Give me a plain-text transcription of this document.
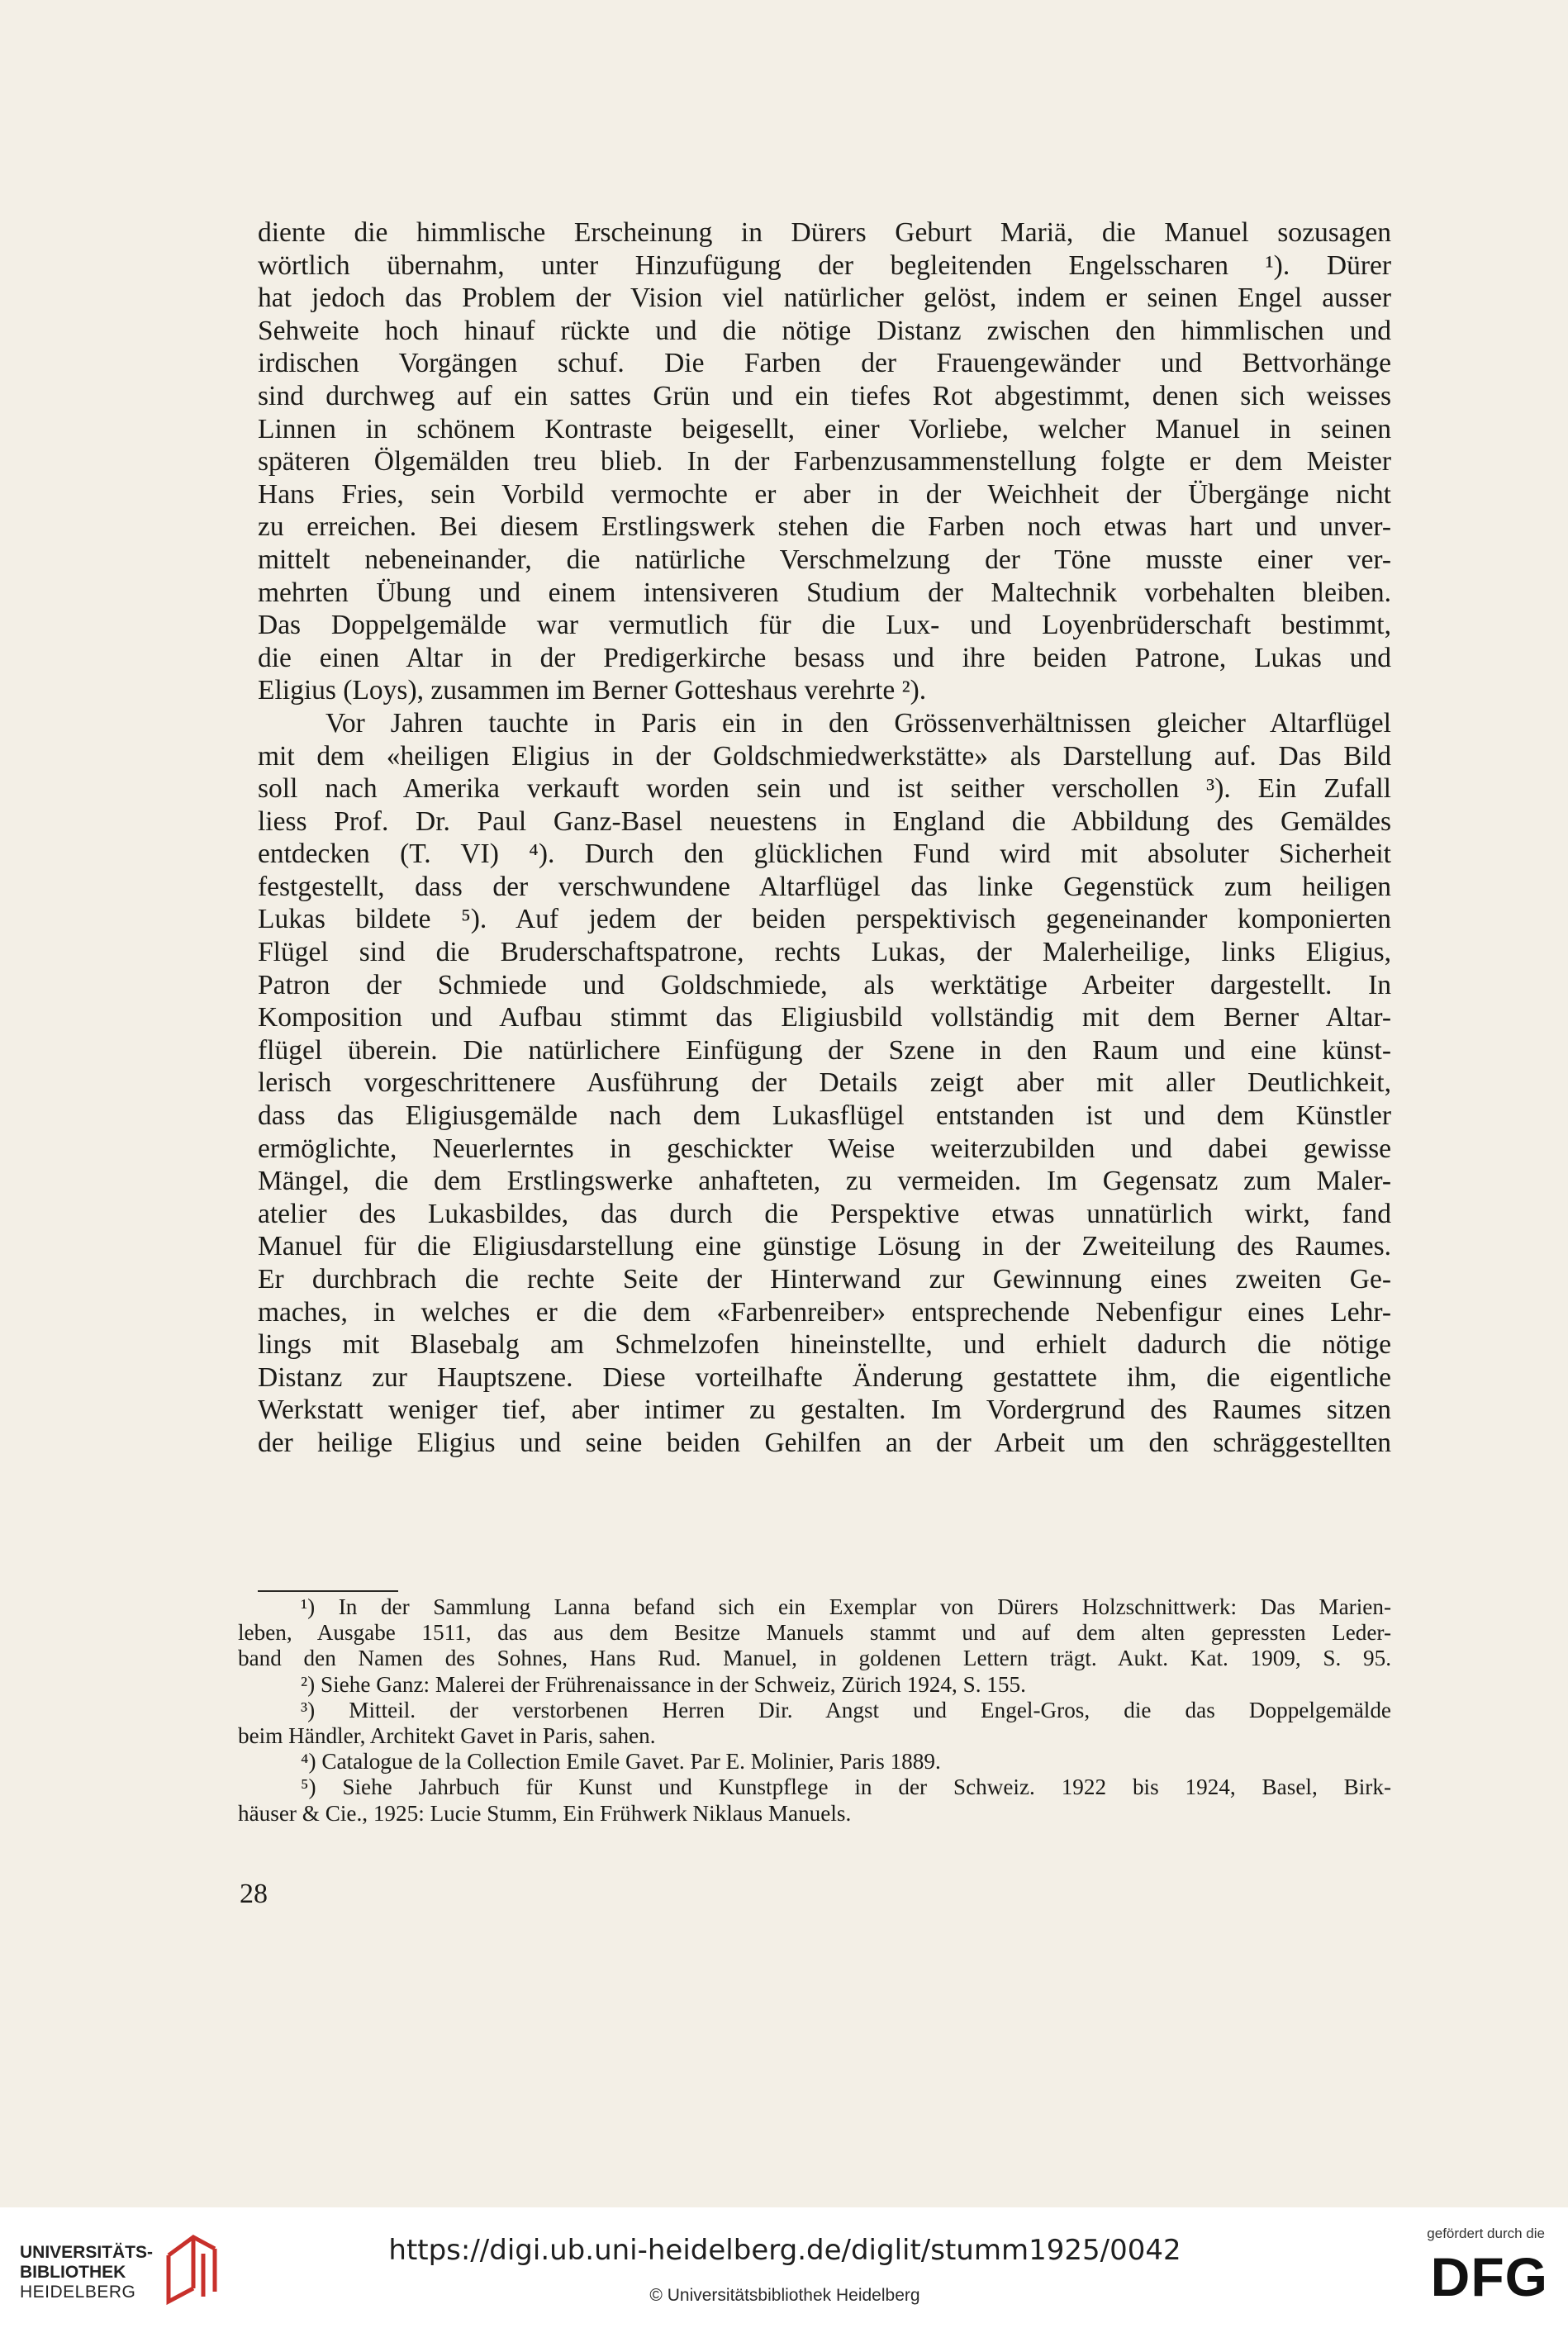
diente die himmlische Erscheinung in Dürers Geburt Mariä, die Manuel sozusagen
wörtlich übernahm, unter Hinzufügung der begleitenden Engelsscharen ¹). Dürer
hat jedoch das Problem der Vision viel natürlicher gelöst, indem er seinen Engel ausser
Sehweite hoch hinauf rückte und die nötige Distanz zwischen den himmlischen und
irdischen Vorgängen schuf. Die Farben der Frauengewänder und Bettvorhänge
sind durchweg auf ein sattes Grün und ein tiefes Rot abgestimmt, denen sich weisses
Linnen in schönem Kontraste beigesellt, einer Vorliebe, welcher Manuel in seinen
späteren Ölgemälden treu blieb. In der Farbenzusammenstellung folgte er dem Meister
Hans Fries, sein Vorbild vermochte er aber in der Weichheit der Übergänge nicht
zu erreichen. Bei diesem Erstlingswerk stehen die Farben noch etwas hart und unver-
mittelt nebeneinander, die natürliche Verschmelzung der Töne musste einer ver-
mehrten Übung und einem intensiveren Studium der Maltechnik vorbehalten bleiben.
Das Doppelgemälde war vermutlich für die Lux- und Loyenbrüderschaft bestimmt,
die einen Altar in der Predigerkirche besass und ihre beiden Patrone, Lukas und
Eligius (Loys), zusammen im Berner Gotteshaus verehrte ²).
Vor Jahren tauchte in Paris ein in den Grössenverhältnissen gleicher Altarflügel
mit dem «heiligen Eligius in der Goldschmiedwerkstätte» als Darstellung auf. Das Bild
soll nach Amerika verkauft worden sein und ist seither verschollen ³). Ein Zufall
liess Prof. Dr. Paul Ganz-Basel neuestens in England die Abbildung des Gemäldes
entdecken (T. VI) ⁴). Durch den glücklichen Fund wird mit absoluter Sicherheit
festgestellt, dass der verschwundene Altarflügel das linke Gegenstück zum heiligen
Lukas bildete ⁵). Auf jedem der beiden perspektivisch gegeneinander komponierten
Flügel sind die Bruderschaftspatrone, rechts Lukas, der Malerheilige, links Eligius,
Patron der Schmiede und Goldschmiede, als werktätige Arbeiter dargestellt. In
Komposition und Aufbau stimmt das Eligiusbild vollständig mit dem Berner Altar-
flügel überein. Die natürlichere Einfügung der Szene in den Raum und eine künst-
lerisch vorgeschrittenere Ausführung der Details zeigt aber mit aller Deutlichkeit,
dass das Eligiusgemälde nach dem Lukasflügel entstanden ist und dem Künstler
ermöglichte, Neuerlerntes in geschickter Weise weiterzubilden und dabei gewisse
Mängel, die dem Erstlingswerke anhafteten, zu vermeiden. Im Gegensatz zum Maler-
atelier des Lukasbildes, das durch die Perspektive etwas unnatürlich wirkt, fand
Manuel für die Eligiusdarstellung eine günstige Lösung in der Zweiteilung des Raumes.
Er durchbrach die rechte Seite der Hinterwand zur Gewinnung eines zweiten Ge-
maches, in welches er die dem «Farbenreiber» entsprechende Nebenfigur eines Lehr-
lings mit Blasebalg am Schmelzofen hineinstellte, und erhielt dadurch die nötige
Distanz zur Hauptszene. Diese vorteilhafte Änderung gestattete ihm, die eigentliche
Werkstatt weniger tief, aber intimer zu gestalten. Im Vordergrund des Raumes sitzen
der heilige Eligius und seine beiden Gehilfen an der Arbeit um den schräggestellten
¹) In der Sammlung Lanna befand sich ein Exemplar von Dürers Holzschnittwerk: Das Marien-
leben, Ausgabe 1511, das aus dem Besitze Manuels stammt und auf dem alten gepressten Leder-
band den Namen des Sohnes, Hans Rud. Manuel, in goldenen Lettern trägt. Aukt. Kat. 1909, S. 95.
²) Siehe Ganz: Malerei der Frührenaissance in der Schweiz, Zürich 1924, S. 155.
³) Mitteil. der verstorbenen Herren Dir. Angst und Engel-Gros, die das Doppelgemälde
beim Händler, Architekt Gavet in Paris, sahen.
⁴) Catalogue de la Collection Emile Gavet. Par E. Molinier, Paris 1889.
⁵) Siehe Jahrbuch für Kunst und Kunstpflege in der Schweiz. 1922 bis 1924, Basel, Birk-
häuser & Cie., 1925: Lucie Stumm, Ein Frühwerk Niklaus Manuels.
28
UNIVERSITÄTS-
BIBLIOTHEK
HEIDELBERG
https://digi.ub.uni-heidelberg.de/diglit/stumm1925/0042
© Universitätsbibliothek Heidelberg
gefördert durch die
DFG
